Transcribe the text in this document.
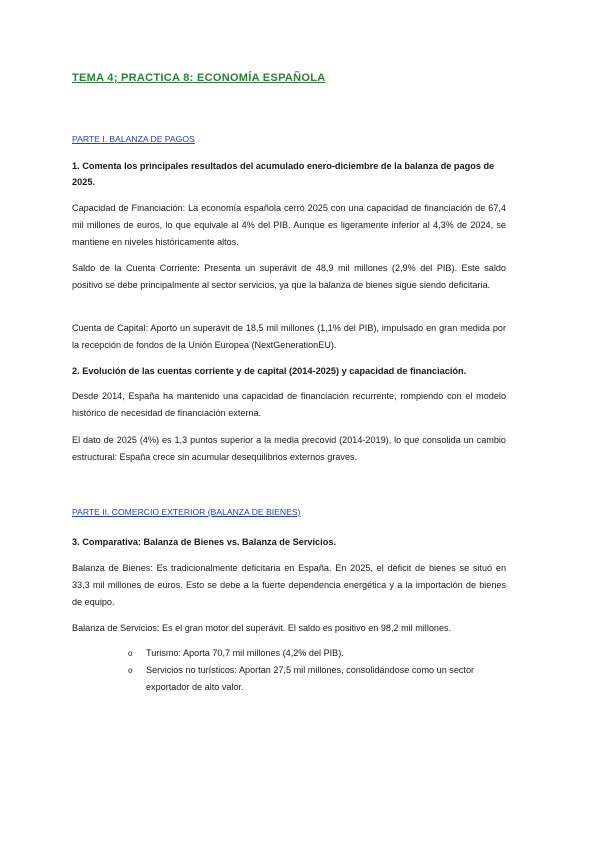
TEMA 4; PRACTICA 8: ECONOMÍA ESPAÑOLA
PARTE I. BALANZA DE PAGOS
1. Comenta los principales resultados del acumulado enero-diciembre de la balanza de pagos de 2025.
Capacidad de Financiación: La economía española cerró 2025 con una capacidad de financiación de 67,4 mil millones de euros, lo que equivale al 4% del PIB. Aunque es ligeramente inferior al 4,3% de 2024, se mantiene en niveles históricamente altos.
Saldo de la Cuenta Corriente: Presenta un superávit de 48,9 mil millones (2,9% del PIB). Este saldo positivo se debe principalmente al sector servicios, ya que la balanza de bienes sigue siendo deficitaria.
Cuenta de Capital: Aportó un superávit de 18,5 mil millones (1,1% del PIB), impulsado en gran medida por la recepción de fondos de la Unión Europea (NextGenerationEU).
2. Evolución de las cuentas corriente y de capital (2014-2025) y capacidad de financiación.
Desde 2014, España ha mantenido una capacidad de financiación recurrente, rompiendo con el modelo histórico de necesidad de financiación externa.
El dato de 2025 (4%) es 1,3 puntos superior a la media precovid (2014-2019), lo que consolida un cambio estructural: España crece sin acumular desequilibrios externos graves.
PARTE II. COMERCIO EXTERIOR (BALANZA DE BIENES)
3. Comparativa: Balanza de Bienes vs. Balanza de Servicios.
Balanza de Bienes: Es tradicionalmente deficitaria en España. En 2025, el déficit de bienes se situó en 33,3 mil millones de euros. Esto se debe a la fuerte dependencia energética y a la importación de bienes de equipo.
Balanza de Servicios: Es el gran motor del superávit. El saldo es positivo en 98,2 mil millones.
o Turismo: Aporta 70,7 mil millones (4,2% del PIB).
o Servicios no turísticos: Aportan 27,5 mil millones, consolidándose como un sector exportador de alto valor.
